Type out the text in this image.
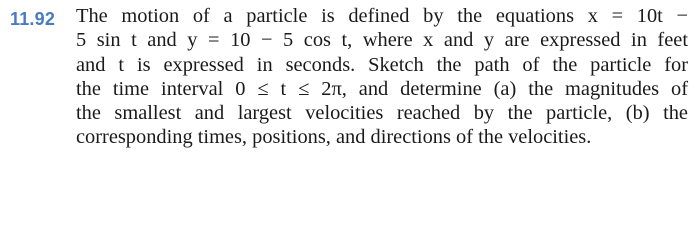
11.92 The motion of a particle is defined by the equations x = 10t −
5 sin t and y = 10 − 5 cos t, where x and y are expressed in feet
and t is expressed in seconds. Sketch the path of the particle for
the time interval 0 ≤ t ≤ 2π, and determine (a) the magnitudes of
the smallest and largest velocities reached by the particle, (b) the
corresponding times, positions, and directions of the velocities.
